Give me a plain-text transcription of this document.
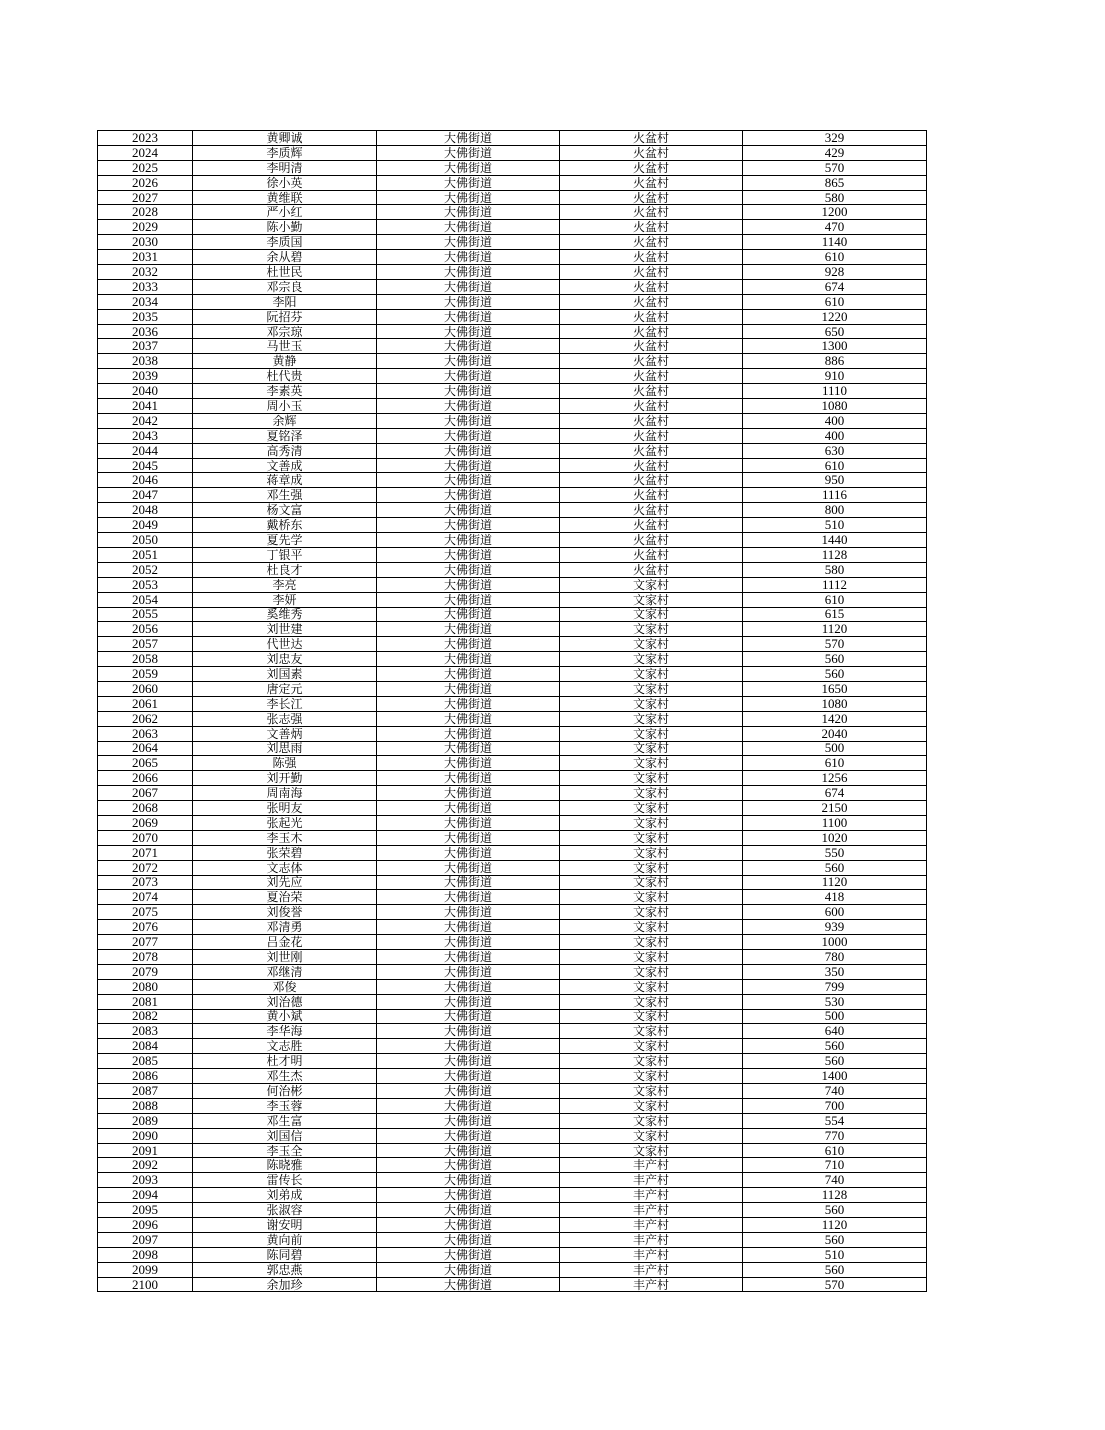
2023	黄卿诚	大佛街道	火盆村	329
2024	李质辉	大佛街道	火盆村	429
2025	李明清	大佛街道	火盆村	570
2026	徐小英	大佛街道	火盆村	865
2027	黄维联	大佛街道	火盆村	580
2028	严小红	大佛街道	火盆村	1200
2029	陈小勤	大佛街道	火盆村	470
2030	李质国	大佛街道	火盆村	1140
2031	余从碧	大佛街道	火盆村	610
2032	杜世民	大佛街道	火盆村	928
2033	邓宗良	大佛街道	火盆村	674
2034	李阳	大佛街道	火盆村	610
2035	阮招芬	大佛街道	火盆村	1220
2036	邓宗琼	大佛街道	火盆村	650
2037	马世玉	大佛街道	火盆村	1300
2038	黄静	大佛街道	火盆村	886
2039	杜代贵	大佛街道	火盆村	910
2040	李素英	大佛街道	火盆村	1110
2041	周小玉	大佛街道	火盆村	1080
2042	余辉	大佛街道	火盆村	400
2043	夏铭泽	大佛街道	火盆村	400
2044	高秀清	大佛街道	火盆村	630
2045	文善成	大佛街道	火盆村	610
2046	蒋章成	大佛街道	火盆村	950
2047	邓生强	大佛街道	火盆村	1116
2048	杨文富	大佛街道	火盆村	800
2049	戴桥东	大佛街道	火盆村	510
2050	夏先学	大佛街道	火盆村	1440
2051	丁银平	大佛街道	火盆村	1128
2052	杜良才	大佛街道	火盆村	580
2053	李亮	大佛街道	文家村	1112
2054	李妍	大佛街道	文家村	610
2055	奚维秀	大佛街道	文家村	615
2056	刘世建	大佛街道	文家村	1120
2057	代世达	大佛街道	文家村	570
2058	刘忠友	大佛街道	文家村	560
2059	刘国素	大佛街道	文家村	560
2060	唐定元	大佛街道	文家村	1650
2061	李长江	大佛街道	文家村	1080
2062	张志强	大佛街道	文家村	1420
2063	文善炳	大佛街道	文家村	2040
2064	刘思雨	大佛街道	文家村	500
2065	陈强	大佛街道	文家村	610
2066	刘开勤	大佛街道	文家村	1256
2067	周南海	大佛街道	文家村	674
2068	张明友	大佛街道	文家村	2150
2069	张起光	大佛街道	文家村	1100
2070	李玉木	大佛街道	文家村	1020
2071	张荣碧	大佛街道	文家村	550
2072	文志体	大佛街道	文家村	560
2073	刘先应	大佛街道	文家村	1120
2074	夏治荣	大佛街道	文家村	418
2075	刘俊誉	大佛街道	文家村	600
2076	邓清勇	大佛街道	文家村	939
2077	吕金花	大佛街道	文家村	1000
2078	刘世刚	大佛街道	文家村	780
2079	邓继清	大佛街道	文家村	350
2080	邓俊	大佛街道	文家村	799
2081	刘治德	大佛街道	文家村	530
2082	黄小斌	大佛街道	文家村	500
2083	李华海	大佛街道	文家村	640
2084	文志胜	大佛街道	文家村	560
2085	杜才明	大佛街道	文家村	560
2086	邓生杰	大佛街道	文家村	1400
2087	何治彬	大佛街道	文家村	740
2088	李玉蓉	大佛街道	文家村	700
2089	邓生富	大佛街道	文家村	554
2090	刘国信	大佛街道	文家村	770
2091	李玉全	大佛街道	文家村	610
2092	陈晓雅	大佛街道	丰产村	710
2093	雷传长	大佛街道	丰产村	740
2094	刘弟成	大佛街道	丰产村	1128
2095	张淑容	大佛街道	丰产村	560
2096	谢安明	大佛街道	丰产村	1120
2097	黄向前	大佛街道	丰产村	560
2098	陈同碧	大佛街道	丰产村	510
2099	郭忠燕	大佛街道	丰产村	560
2100	余加珍	大佛街道	丰产村	570
